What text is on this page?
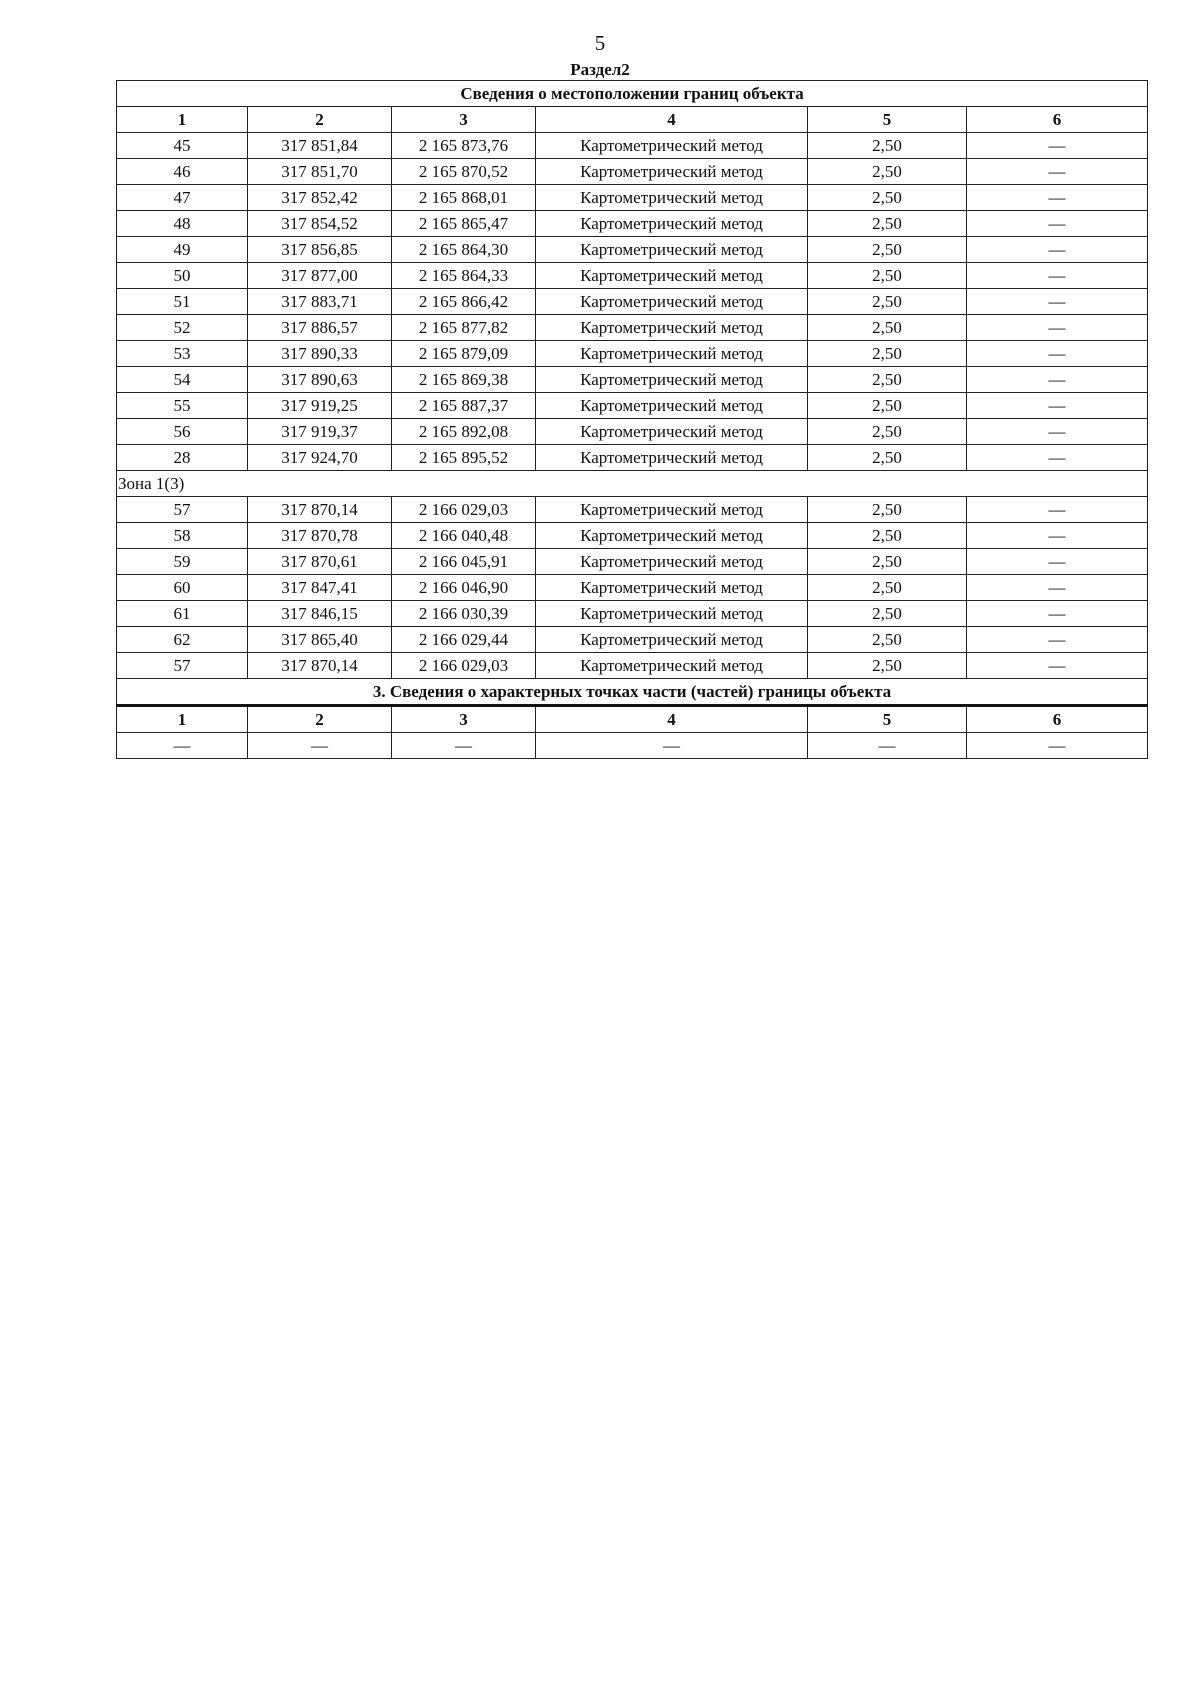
5
Раздел2
Сведения о местоположении границ объекта					
1	2	3	4	5	6
45	317 851,84	2 165 873,76	Картометрический метод	2,50	—
46	317 851,70	2 165 870,52	Картометрический метод	2,50	—
47	317 852,42	2 165 868,01	Картометрический метод	2,50	—
48	317 854,52	2 165 865,47	Картометрический метод	2,50	—
49	317 856,85	2 165 864,30	Картометрический метод	2,50	—
50	317 877,00	2 165 864,33	Картометрический метод	2,50	—
51	317 883,71	2 165 866,42	Картометрический метод	2,50	—
52	317 886,57	2 165 877,82	Картометрический метод	2,50	—
53	317 890,33	2 165 879,09	Картометрический метод	2,50	—
54	317 890,63	2 165 869,38	Картометрический метод	2,50	—
55	317 919,25	2 165 887,37	Картометрический метод	2,50	—
56	317 919,37	2 165 892,08	Картометрический метод	2,50	—
28	317 924,70	2 165 895,52	Картометрический метод	2,50	—
Зона 1(3)					
57	317 870,14	2 166 029,03	Картометрический метод	2,50	—
58	317 870,78	2 166 040,48	Картометрический метод	2,50	—
59	317 870,61	2 166 045,91	Картометрический метод	2,50	—
60	317 847,41	2 166 046,90	Картометрический метод	2,50	—
61	317 846,15	2 166 030,39	Картометрический метод	2,50	—
62	317 865,40	2 166 029,44	Картометрический метод	2,50	—
57	317 870,14	2 166 029,03	Картометрический метод	2,50	—
3. Сведения о характерных точках части (частей) границы объекта					
1	2	3	4	5	6
—	—	—	—	—	—
